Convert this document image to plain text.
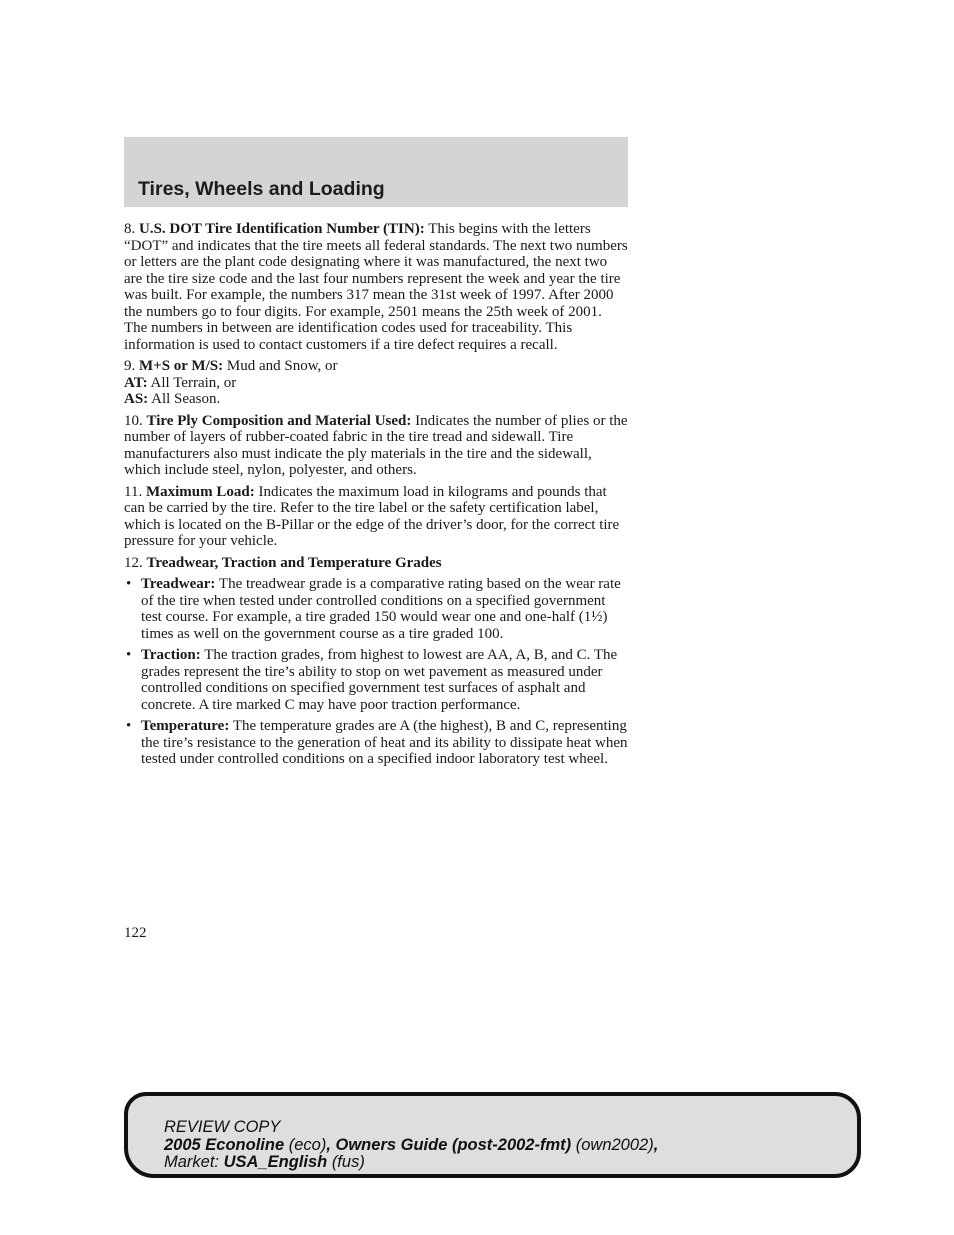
Tires, Wheels and Loading

8. U.S. DOT Tire Identification Number (TIN): This begins with the letters “DOT” and indicates that the tire meets all federal standards. The next two numbers or letters are the plant code designating where it was manufactured, the next two are the tire size code and the last four numbers represent the week and year the tire was built. For example, the numbers 317 mean the 31st week of 1997. After 2000 the numbers go to four digits. For example, 2501 means the 25th week of 2001. The numbers in between are identification codes used for traceability. This information is used to contact customers if a tire defect requires a recall.

9. M+S or M/S: Mud and Snow, or
AT: All Terrain, or
AS: All Season.

10. Tire Ply Composition and Material Used: Indicates the number of plies or the number of layers of rubber-coated fabric in the tire tread and sidewall. Tire manufacturers also must indicate the ply materials in the tire and the sidewall, which include steel, nylon, polyester, and others.

11. Maximum Load: Indicates the maximum load in kilograms and pounds that can be carried by the tire. Refer to the tire label or the safety certification label, which is located on the B-Pillar or the edge of the driver’s door, for the correct tire pressure for your vehicle.

12. Treadwear, Traction and Temperature Grades

• Treadwear: The treadwear grade is a comparative rating based on the wear rate of the tire when tested under controlled conditions on a specified government test course. For example, a tire graded 150 would wear one and one-half (1½) times as well on the government course as a tire graded 100.
• Traction: The traction grades, from highest to lowest are AA, A, B, and C. The grades represent the tire’s ability to stop on wet pavement as measured under controlled conditions on specified government test surfaces of asphalt and concrete. A tire marked C may have poor traction performance.
• Temperature: The temperature grades are A (the highest), B and C, representing the tire’s resistance to the generation of heat and its ability to dissipate heat when tested under controlled conditions on a specified indoor laboratory test wheel.
122
REVIEW COPY
2005 Econoline (eco), Owners Guide (post-2002-fmt) (own2002),
Market: USA_English (fus)
